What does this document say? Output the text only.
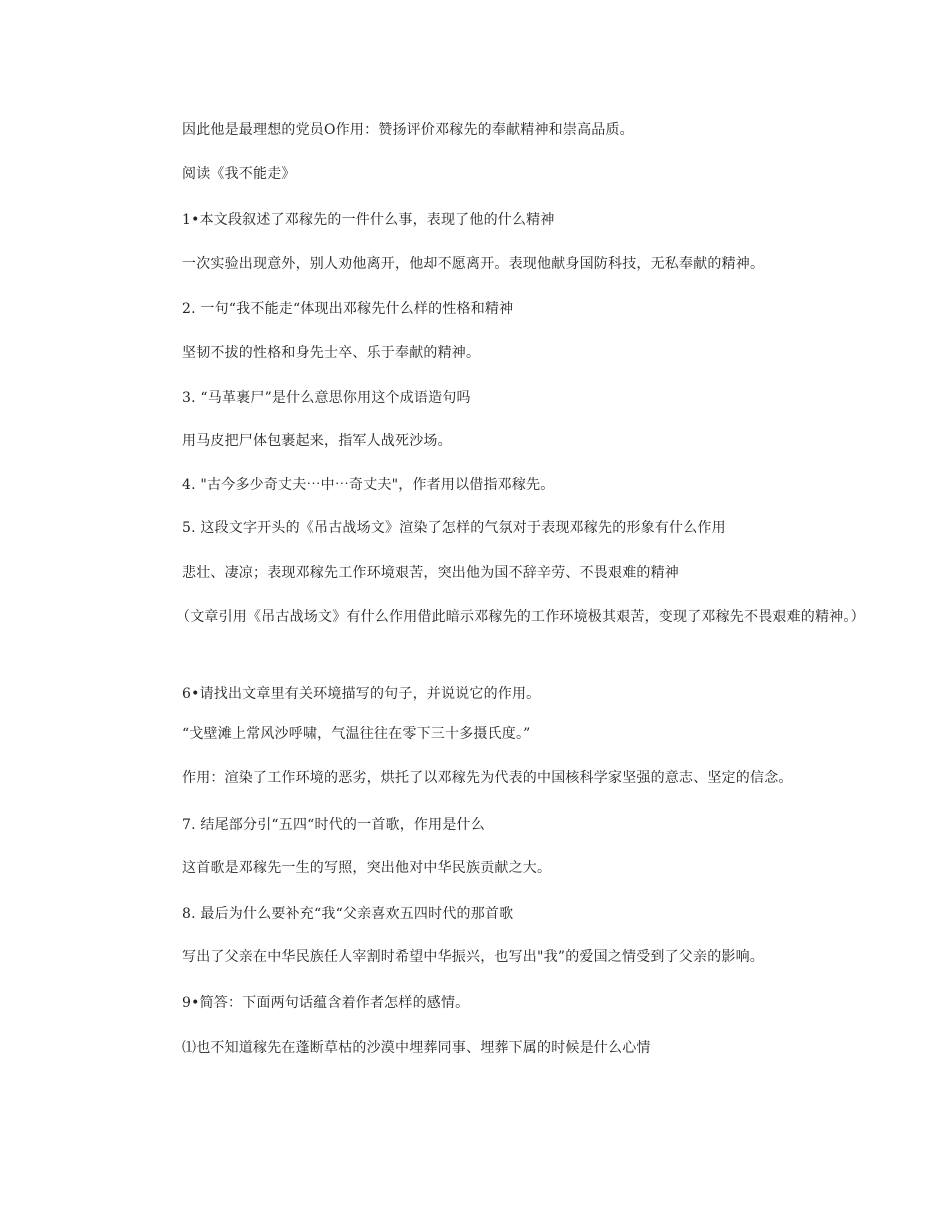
因此他是最理想的党员O作用：赞扬评价邓稼先的奉献精神和崇高品质。
阅读《我不能走》
1•本文段叙述了邓稼先的一件什么事，表现了他的什么精神
一次实验出现意外，别人劝他离开，他却不愿离开。表现他献身国防科技，无私奉献的精神。
2. 一句“我不能走“体现出邓稼先什么样的性格和精神
坚韧不拔的性格和身先士卒、乐于奉献的精神。
3. “马革裹尸”是什么意思你用这个成语造句吗
用马皮把尸体包裹起来，指军人战死沙场。
4. "古今多少奇丈夫⋯中⋯奇丈夫"，作者用以借指邓稼先。
5. 这段文字开头的《吊古战场文》渲染了怎样的气氛对于表现邓稼先的形象有什么作用
悲壮、凄凉；表现邓稼先工作环境艰苦，突出他为国不辞辛劳、不畏艰难的精神
（文章引用《吊古战场文》有什么作用借此暗示邓稼先的工作环境极其艰苦，变现了邓稼先不畏艰难的精神。）
6•请找出文章里有关环境描写的句子，并说说它的作用。
“戈壁滩上常风沙呼啸，气温往往在零下三十多摄氏度。”
作用：渲染了工作环境的恶劣，烘托了以邓稼先为代表的中国核科学家坚强的意志、坚定的信念。
7. 结尾部分引“五四“时代的一首歌，作用是什么
这首歌是邓稼先一生的写照，突出他对中华民族贡献之大。
8. 最后为什么要补充“我“父亲喜欢五四时代的那首歌
写出了父亲在中华民族任人宰割时希望中华振兴，也写出"我”的爱国之情受到了父亲的影响。
9•简答：下面两句话蕴含着作者怎样的感情。
⑴也不知道稼先在蓬断草枯的沙漠中埋葬同事、埋葬下属的时候是什么心情
